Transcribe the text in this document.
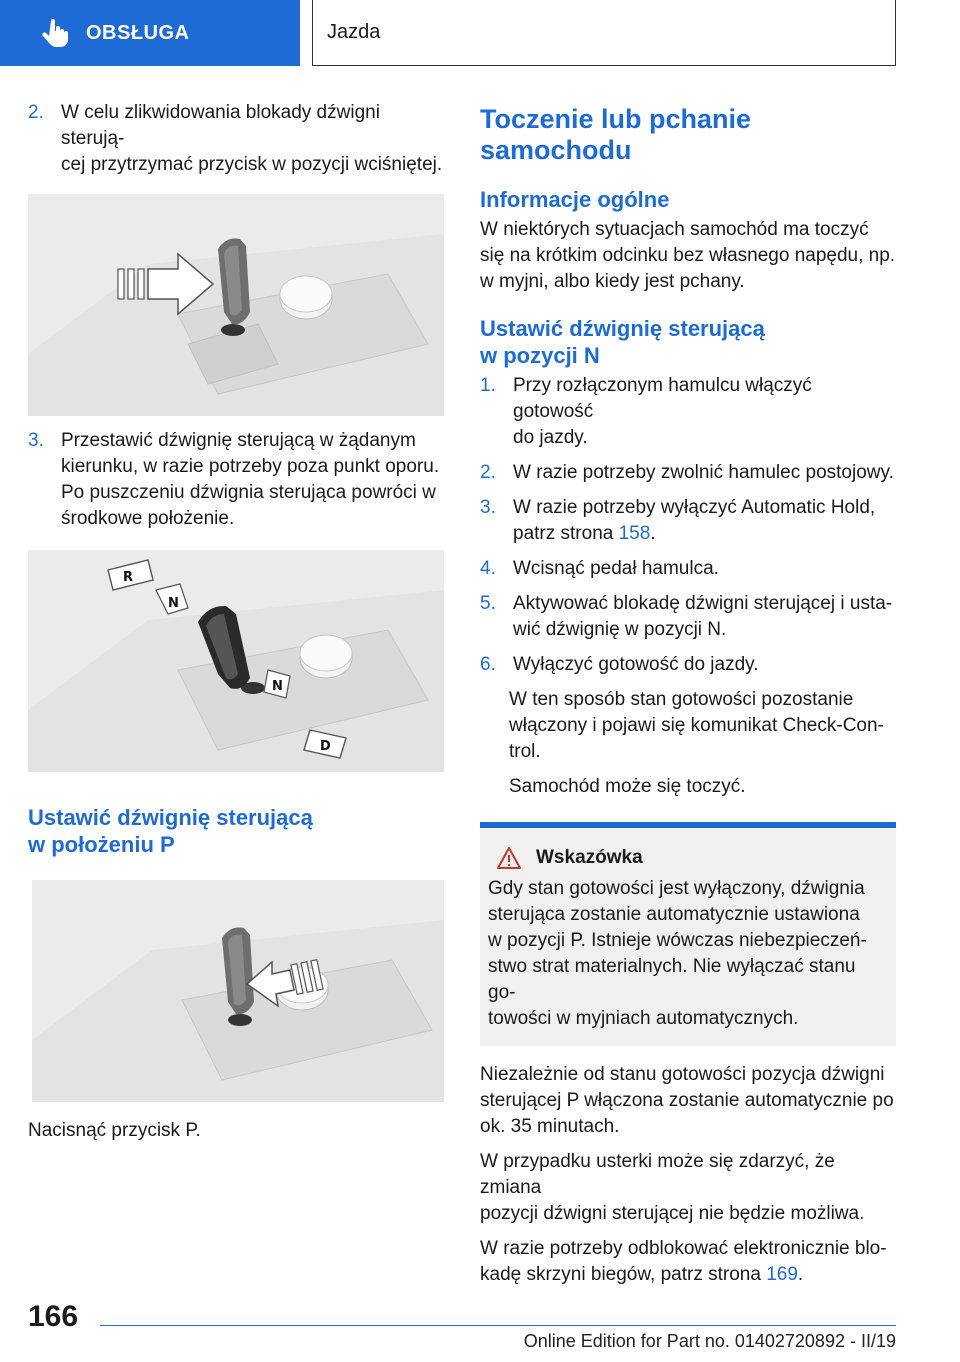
OBSŁUGA	Jazda
2. W celu zlikwidowania blokady dźwigni sterują‐
cej przytrzymać przycisk w pozycji wciśniętej.
3. Przestawić dźwignię sterującą w żądanym
kierunku, w razie potrzeby poza punkt oporu.
Po puszczeniu dźwignia sterująca powróci w
środkowe położenie.
R
N
N
D
Ustawić dźwignię sterującą
w położeniu P
Nacisnąć przycisk P.
Toczenie lub pchanie
samochodu
Informacje ogólne
W niektórych sytuacjach samochód ma toczyć
się na krótkim odcinku bez własnego napędu, np.
w myjni, albo kiedy jest pchany.
Ustawić dźwignię sterującą
w pozycji N
1. Przy rozłączonym hamulcu włączyć gotowość
do jazdy.
2. W razie potrzeby zwolnić hamulec postojowy.
3. W razie potrzeby wyłączyć Automatic Hold,
patrz strona 158.
4. Wcisnąć pedał hamulca.
5. Aktywować blokadę dźwigni sterującej i usta‐
wić dźwignię w pozycji N.
6. Wyłączyć gotowość do jazdy.
W ten sposób stan gotowości pozostanie
włączony i pojawi się komunikat Check-Con‐
trol.
Samochód może się toczyć.
Wskazówka
Gdy stan gotowości jest wyłączony, dźwignia
sterująca zostanie automatycznie ustawiona
w pozycji P. Istnieje wówczas niebezpieczeń‐
stwo strat materialnych. Nie wyłączać stanu go‐
towości w myjniach automatycznych.
Niezależnie od stanu gotowości pozycja dźwigni
sterującej P włączona zostanie automatycznie po
ok. 35 minutach.
W przypadku usterki może się zdarzyć, że zmiana
pozycji dźwigni sterującej nie będzie możliwa.
W razie potrzeby odblokować elektronicznie blo‐
kadę skrzyni biegów, patrz strona 169.
166
Online Edition for Part no. 01402720892 - II/19
